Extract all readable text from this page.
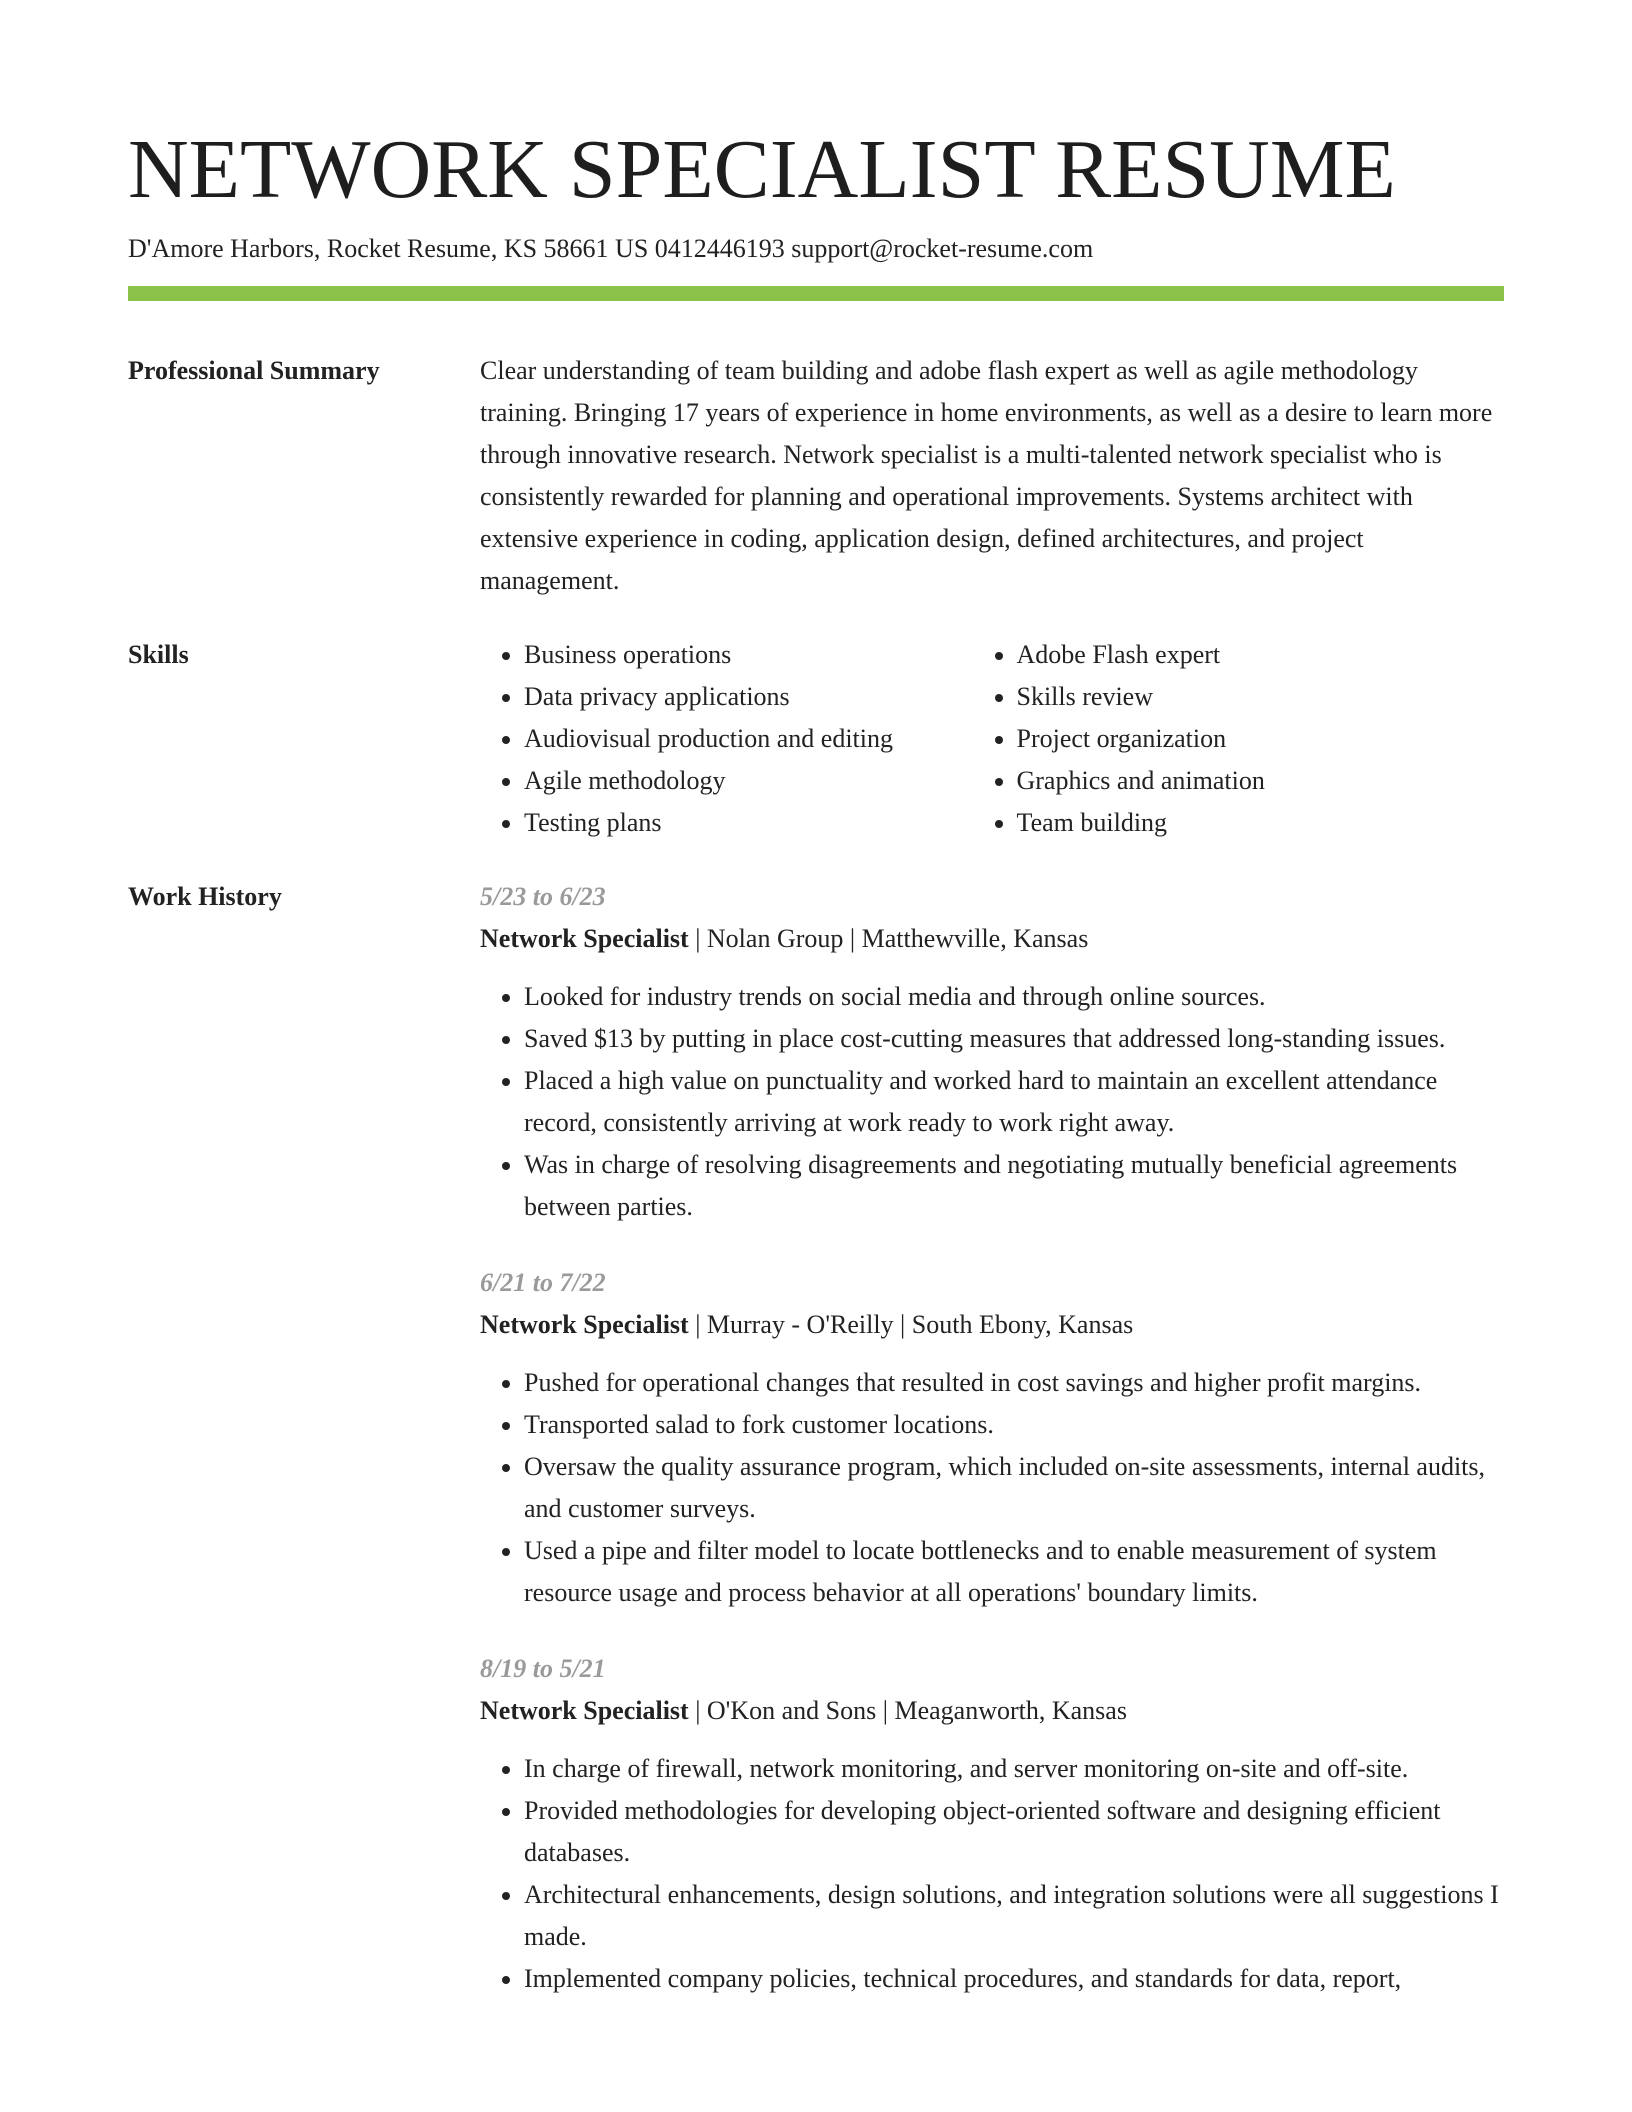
NETWORK SPECIALIST RESUME
D'Amore Harbors, Rocket Resume, KS 58661 US 0412446193 support@rocket-resume.com
Professional Summary	Clear understanding of team building and adobe flash expert as well as agile methodology training. Bringing 17 years of experience in home environments, as well as a desire to learn more through innovative research. Network specialist is a multi-talented network specialist who is consistently rewarded for planning and operational improvements. Systems architect with extensive experience in coding, application design, defined architectures, and project management.

Skills
•	Business operations
• Data privacy applications
• Audiovisual production and editing
• Agile methodology
• Testing plans
• Adobe Flash expert
• Skills review
• Project organization
• Graphics and animation
• Team building
Work History	5/23 to 6/23
Network Specialist | Nolan Group | Matthewville, Kansas
• Looked for industry trends on social media and through online sources.
• Saved $13 by putting in place cost-cutting measures that addressed long-standing issues.
• Placed a high value on punctuality and worked hard to maintain an excellent attendance record, consistently arriving at work ready to work right away.
• Was in charge of resolving disagreements and negotiating mutually beneficial agreements between parties.
6/21 to 7/22
Network Specialist | Murray - O'Reilly | South Ebony, Kansas
• Pushed for operational changes that resulted in cost savings and higher profit margins.
• Transported salad to fork customer locations.
• Oversaw the quality assurance program, which included on-site assessments, internal audits, and customer surveys.
• Used a pipe and filter model to locate bottlenecks and to enable measurement of system resource usage and process behavior at all operations' boundary limits.
8/19 to 5/21
Network Specialist | O'Kon and Sons | Meaganworth, Kansas
• In charge of firewall, network monitoring, and server monitoring on-site and off-site.
• Provided methodologies for developing object-oriented software and designing efficient databases.
• Architectural enhancements, design solutions, and integration solutions were all suggestions I made.
• Implemented company policies, technical procedures, and standards for data, report,
